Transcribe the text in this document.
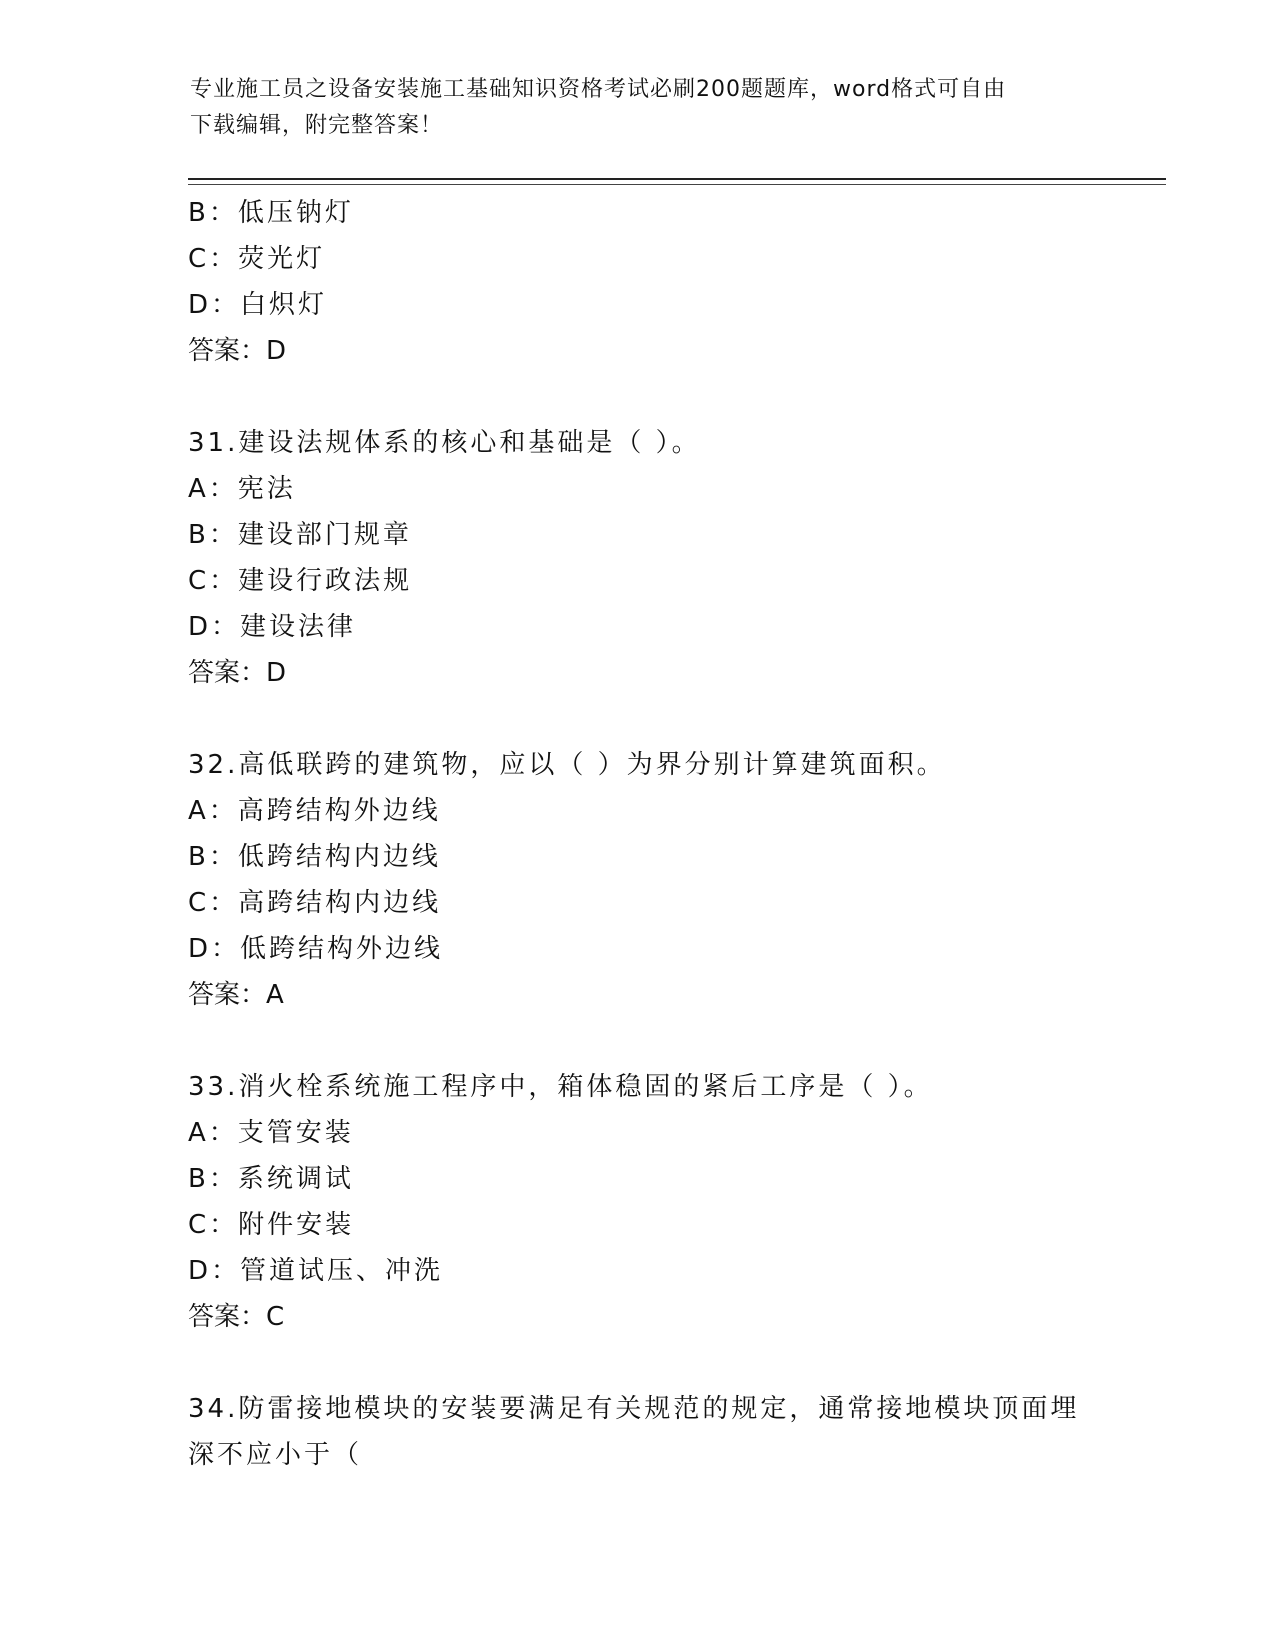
专业施工员之设备安装施工基础知识资格考试必刷200题题库，word格式可自由
下载编辑，附完整答案！
B：低压钠灯
C：荧光灯
D：白炽灯
答案：D
31.建设法规体系的核心和基础是（ ）。
A：宪法
B：建设部门规章
C：建设行政法规
D：建设法律
答案：D
32.高低联跨的建筑物，应以（ ）为界分别计算建筑面积。
A：高跨结构外边线
B：低跨结构内边线
C：高跨结构内边线
D：低跨结构外边线
答案：A
33.消火栓系统施工程序中，箱体稳固的紧后工序是（ ）。
A：支管安装
B：系统调试
C：附件安装
D：管道试压、冲洗
答案：C
34.防雷接地模块的安装要满足有关规范的规定，通常接地模块顶面埋
深不应小于（
